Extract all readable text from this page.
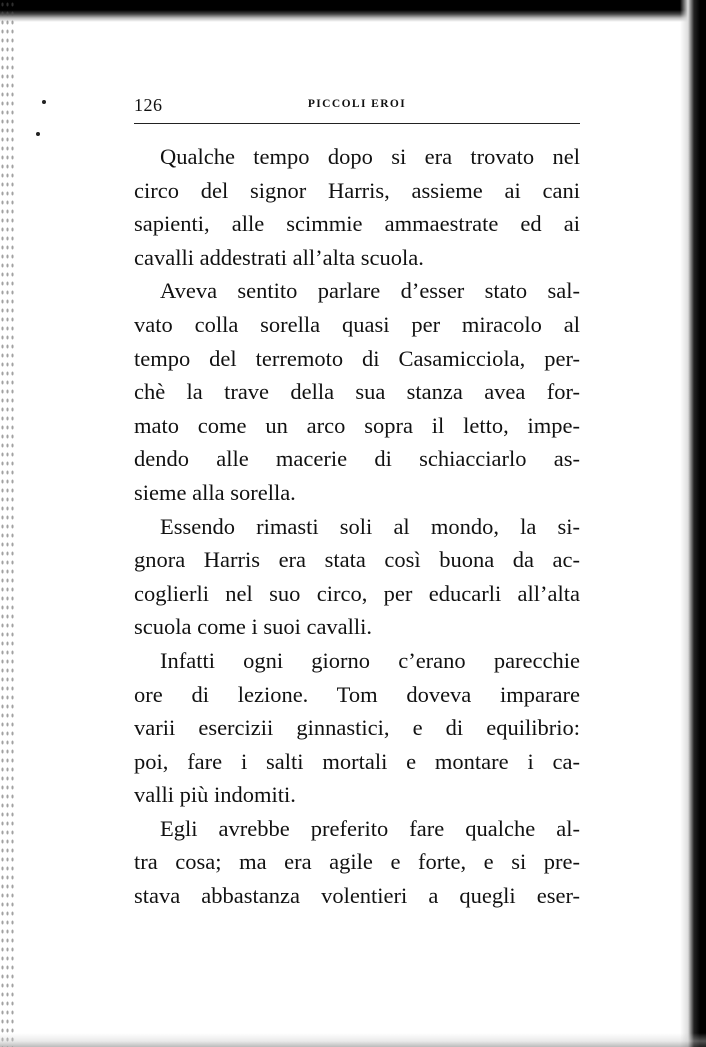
126	PICCOLI EROI
Qualche tempo dopo si era trovato nel
circo del signor Harris, assieme ai cani
sapienti, alle scimmie ammaestrate ed ai
cavalli addestrati all’alta scuola.
Aveva sentito parlare d’esser stato sal-
vato colla sorella quasi per miracolo al
tempo del terremoto di Casamicciola, per-
chè la trave della sua stanza avea for-
mato come un arco sopra il letto, impe-
dendo alle macerie di schiacciarlo as-
sieme alla sorella.
Essendo rimasti soli al mondo, la si-
gnora Harris era stata così buona da ac-
coglierli nel suo circo, per educarli all’alta
scuola come i suoi cavalli.
Infatti ogni giorno c’erano parecchie
ore di lezione. Tom doveva imparare
varii esercizii ginnastici, e di equilibrio:
poi, fare i salti mortali e montare i ca-
valli più indomiti.
Egli avrebbe preferito fare qualche al-
tra cosa; ma era agile e forte, e si pre-
stava abbastanza volentieri a quegli eser-
